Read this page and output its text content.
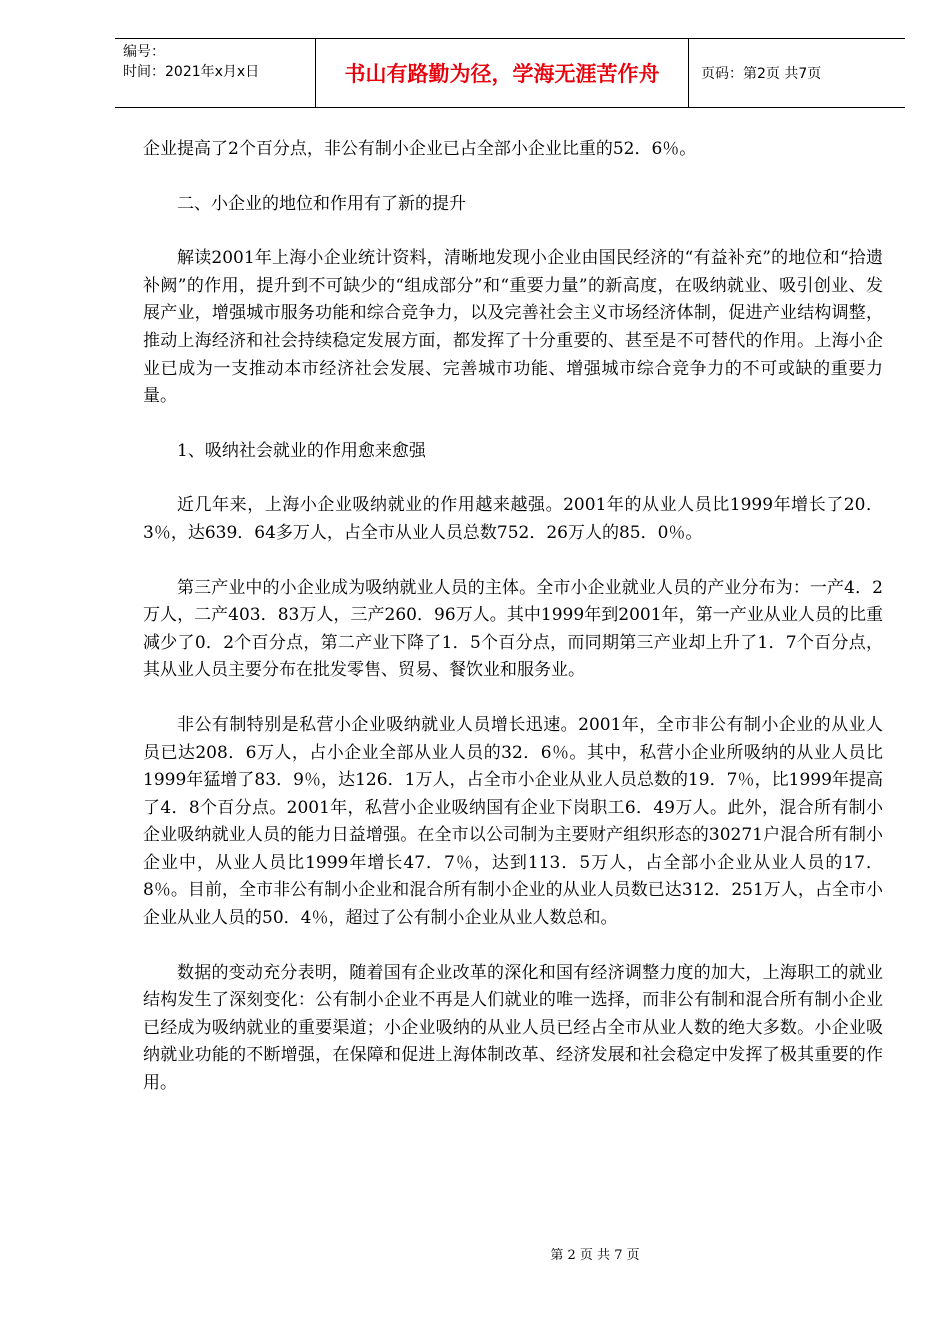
编号：
时间：2021年x月x日	书山有路勤为径，学海无涯苦作舟	页码：第2页 共7页

企业提高了2个百分点，非公有制小企业已占全部小企业比重的52．6％。

二、小企业的地位和作用有了新的提升

解读2001年上海小企业统计资料，清晰地发现小企业由国民经济的“有益补充”的地位和“拾遗补阙”的作用，提升到不可缺少的“组成部分”和“重要力量”的新高度，在吸纳就业、吸引创业、发展产业，增强城市服务功能和综合竞争力，以及完善社会主义市场经济体制，促进产业结构调整，推动上海经济和社会持续稳定发展方面，都发挥了十分重要的、甚至是不可替代的作用。上海小企业已成为一支推动本市经济社会发展、完善城市功能、增强城市综合竞争力的不可或缺的重要力量。

1、吸纳社会就业的作用愈来愈强

近几年来，上海小企业吸纳就业的作用越来越强。2001年的从业人员比1999年增长了20．3％，达639．64多万人，占全市从业人员总数752．26万人的85．0％。

第三产业中的小企业成为吸纳就业人员的主体。全市小企业就业人员的产业分布为：一产4．2万人，二产403．83万人，三产260．96万人。其中1999年到2001年，第一产业从业人员的比重减少了0．2个百分点，第二产业下降了1．5个百分点，而同期第三产业却上升了1．7个百分点，其从业人员主要分布在批发零售、贸易、餐饮业和服务业。

非公有制特别是私营小企业吸纳就业人员增长迅速。2001年，全市非公有制小企业的从业人员已达208．6万人，占小企业全部从业人员的32．6％。其中，私营小企业所吸纳的从业人员比1999年猛增了83．9％，达126．1万人，占全市小企业从业人员总数的19．7％，比1999年提高了4．8个百分点。2001年，私营小企业吸纳国有企业下岗职工6．49万人。此外，混合所有制小企业吸纳就业人员的能力日益增强。在全市以公司制为主要财产组织形态的30271户混合所有制小企业中，从业人员比1999年增长47．7％，达到113．5万人，占全部小企业从业人员的17．8％。目前，全市非公有制小企业和混合所有制小企业的从业人员数已达312．251万人，占全市小企业从业人员的50．4％，超过了公有制小企业从业人数总和。

数据的变动充分表明，随着国有企业改革的深化和国有经济调整力度的加大，上海职工的就业结构发生了深刻变化：公有制小企业不再是人们就业的唯一选择，而非公有制和混合所有制小企业已经成为吸纳就业的重要渠道；小企业吸纳的从业人员已经占全市从业人数的绝大多数。小企业吸纳就业功能的不断增强，在保障和促进上海体制改革、经济发展和社会稳定中发挥了极其重要的作用。

第 2 页 共 7 页
